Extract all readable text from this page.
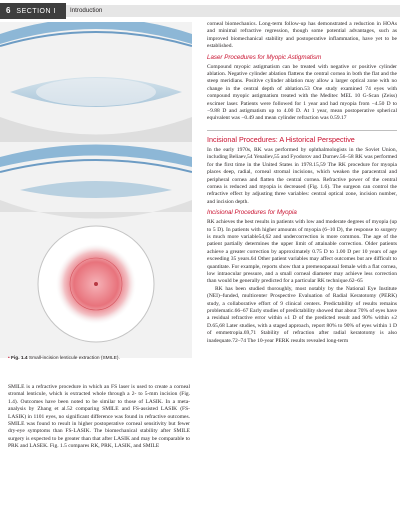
6 SECTION I	Introduction
• Fig. 1.4 Small-incision lenticule extraction (SMILE).

SMILE is a refractive procedure in which an FS laser is used to create a corneal stromal lenticule, which is extracted whole through a 2- to 5-mm incision (Fig. 1.4). Outcomes have been noted to be similar to those of LASIK. In a meta-analysis by Zhang et al.52 comparing SMILE and FS-assisted LASIK (FS-LASIK) in 1101 eyes, no significant difference was found in refractive outcomes. SMILE was found to result in higher postoperative corneal sensitivity but fewer dry-eye symptoms than FS-LASIK. The biomechanical stability after SMILE surgery is expected to be greater than that after LASIK and may be comparable to PRK and LASEK. Fig. 1.5 compares RK, PRK, LASIK, and SMILE

corneal biomechanics. Long-term follow-up has demonstrated a reduction in HOAs and minimal refractive regression, though some potential advantages, such as improved biomechanical stability and postoperative inflammation, have yet to be established.

Laser Procedures for Myopic Astigmatism

Compound myopic astigmatism can be treated with negative or positive cylinder ablation. Negative cylinder ablation flattens the central cornea in both the flat and the steep meridians. Positive cylinder ablation may allow a larger optical zone with no change in the central depth of ablation.53 One study examined 74 eyes with compound myopic astigmatism treated with the Meditec MEL 10 G-Scan (Zeiss) excimer laser. Patients were followed for 1 year and had myopia from −4.50 D to −9.88 D and astigmatism up to 4.00 D. At 1 year, mean postoperative spherical equivalent was −0.49 and mean cylinder refraction was 0.59.17

Incisional Procedures: A Historical Perspective

In the early 1970s, RK was performed by ophthalmologists in the Soviet Union, including Beliaev,54 Yenaliev,55 and Fyodorov and Durnev.56–58 RK was performed for the first time in the United States in 1978.15,59 The RK procedure for myopia places deep, radial, corneal stromal incisions, which weaken the paracentral and peripheral cornea and flatten the central cornea. Refractive power of the central cornea is reduced and myopia is decreased (Fig. 1.6). The surgeon can control the refractive effect by adjusting three variables: central optical zone, incision number, and incision depth.

Incisional Procedures for Myopia

RK achieves the best results in patients with low and moderate degrees of myopia (up to 5 D). In patients with higher amounts of myopia (6–10 D), the response to surgery is much more variable54,62 and undercorrection is more common. The age of the patient partially determines the upper limit of attainable correction. Older patients achieve a greater correction by approximately 0.75 D to 1.00 D per 10 years of age exceeding 35 years.64 Other patient variables may affect outcomes but are difficult to quantitate. For example, reports show that a premenopausal female with a flat cornea, low intraocular pressure, and a small corneal diameter may achieve less correction than would be generally predicted for a particular RK technique.62–65

RK has been studied thoroughly, most notably by the National Eye Institute (NEI)–funded, multicenter Prospective Evaluation of Radial Keratotomy (PERK) study, a collaborative effort of 9 clinical centers. Predictability of results remains problematic.66–67 Early studies of predictability showed that about 70% of eyes have a residual refractive error within ±1 D of the predicted result and 90% within ±2 D.65,68 Later studies, with a staged approach, report 80% to 90% of eyes within 1 D of emmetropia.69,71 Stability of refraction after radial keratotomy is also inadequate.72–74 The 10-year PERK results revealed long-term
